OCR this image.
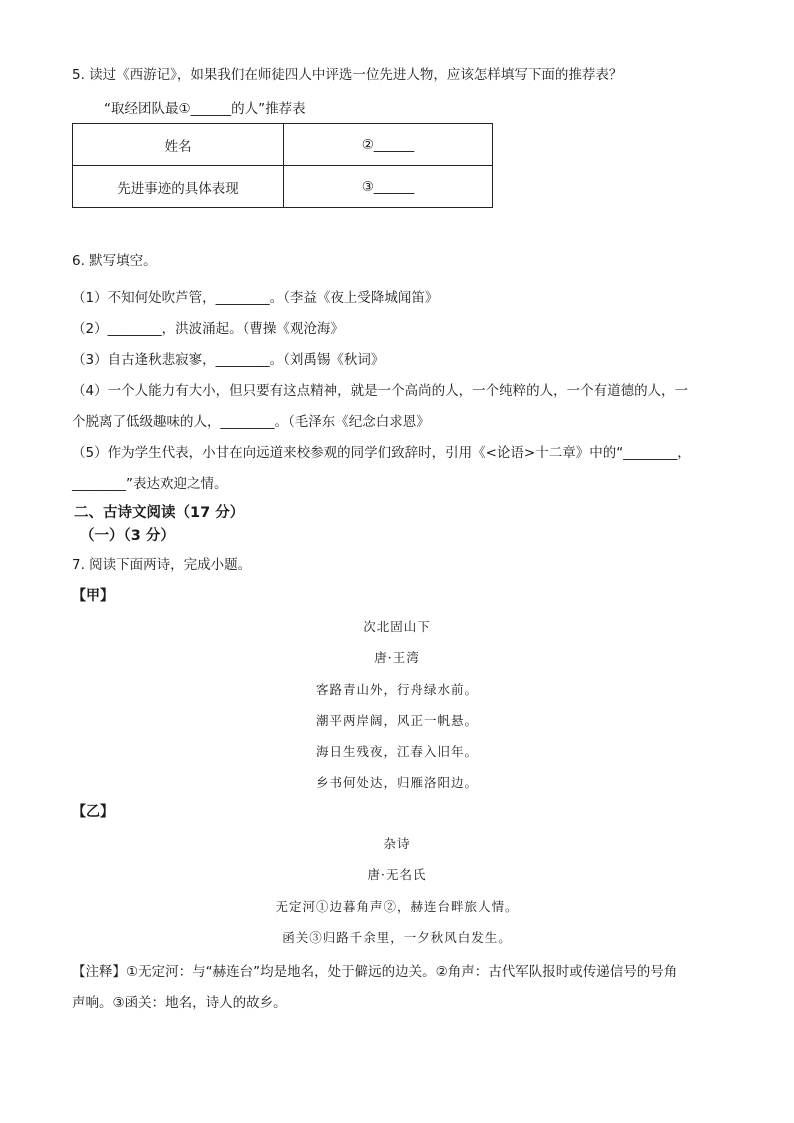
5. 读过《西游记》，如果我们在师徒四人中评选一位先进人物，应该怎样填写下面的推荐表？
“取经团队最①______的人”推荐表
姓名	②______
先进事迹的具体表现	③______
6. 默写填空。
（1）不知何处吹芦管，________。（李益《夜上受降城闻笛》
（2）________，洪波涌起。（曹操《观沧海》
（3）自古逢秋悲寂寥，________。（刘禹锡《秋词》
（4）一个人能力有大小，但只要有这点精神，就是一个高尚的人，一个纯粹的人，一个有道德的人，一
个脱离了低级趣味的人，________。（毛泽东《纪念白求恩》
（5）作为学生代表，小甘在向远道来校参观的同学们致辞时，引用《<论语>十二章》中的“________，
________”表达欢迎之情。
二、古诗文阅读（17 分）
（一）（3 分）
7. 阅读下面两诗，完成小题。
【甲】
次北固山下
唐·王湾
客路青山外，行舟绿水前。
潮平两岸阔，风正一帆悬。
海日生残夜，江春入旧年。
乡书何处达，归雁洛阳边。
【乙】
杂诗
唐·无名氏
无定河①边暮角声②，赫连台畔旅人情。
函关③归路千余里，一夕秋风白发生。
【注释】①无定河：与“赫连台”均是地名，处于僻远的边关。②角声：古代军队报时或传递信号的号角
声响。③函关：地名，诗人的故乡。
